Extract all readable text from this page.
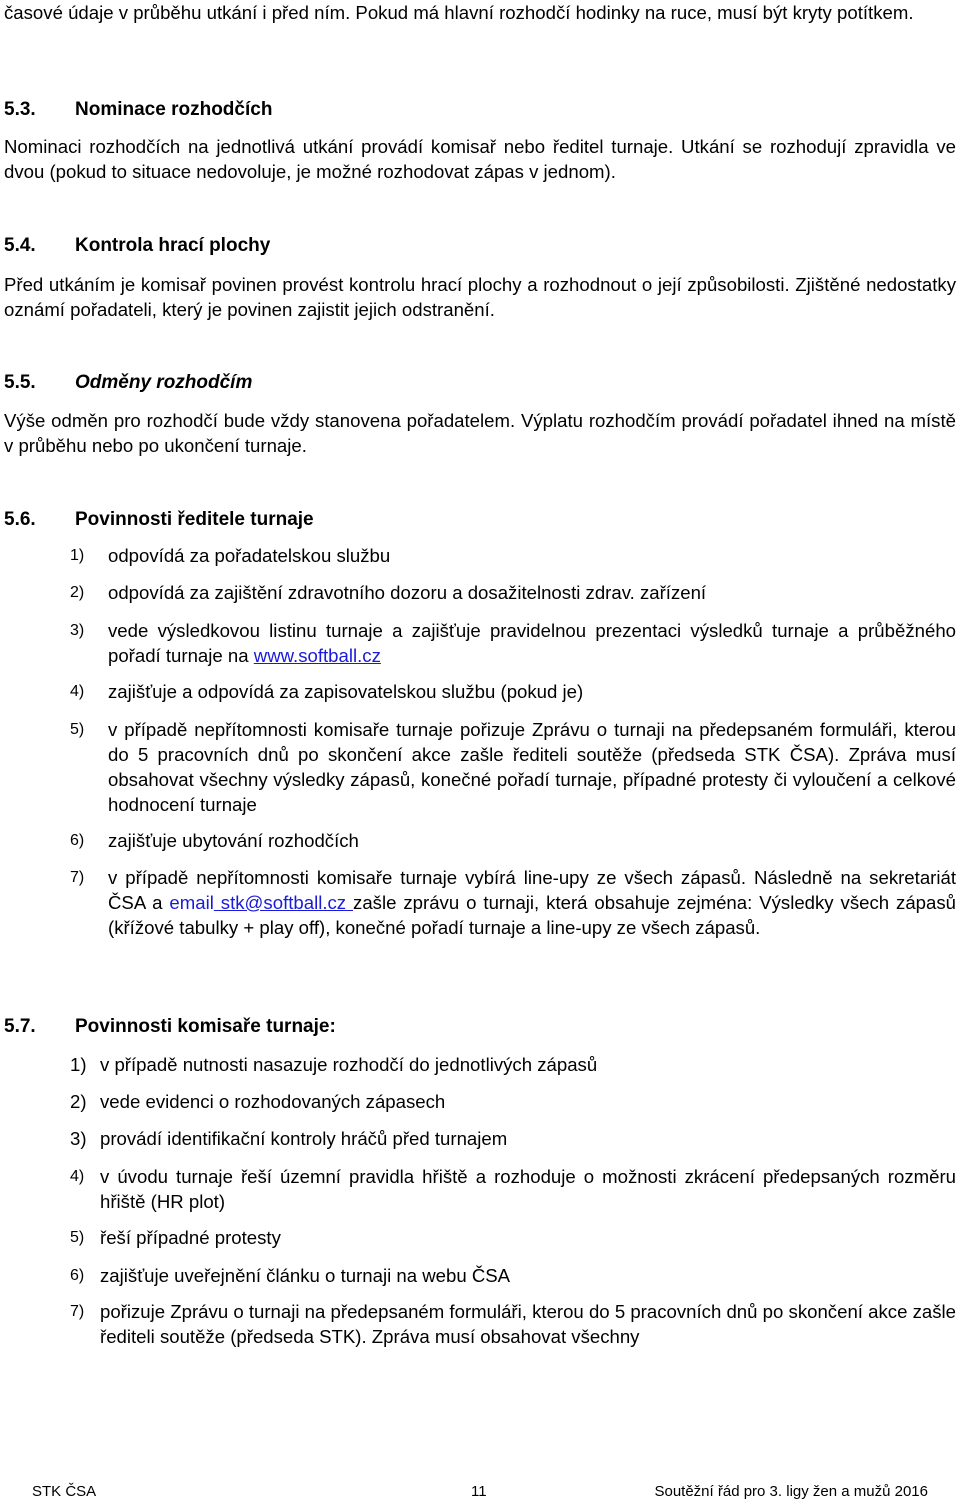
časové údaje v průběhu utkání i před ním. Pokud má hlavní rozhodčí hodinky na ruce, musí být kryty potítkem.

5.3. Nominace rozhodčích

Nominaci rozhodčích na jednotlivá utkání provádí komisař nebo ředitel turnaje. Utkání se rozhodují zpravidla ve dvou (pokud to situace nedovoluje, je možné rozhodovat zápas v jednom).

5.4. Kontrola hrací plochy

Před utkáním je komisař povinen provést kontrolu hrací plochy a rozhodnout o její způsobilosti. Zjištěné nedostatky oznámí pořadateli, který je povinen zajistit jejich odstranění.

5.5. Odměny rozhodčím

Výše odměn pro rozhodčí bude vždy stanovena pořadatelem. Výplatu rozhodčím provádí pořadatel ihned na místě v průběhu nebo po ukončení turnaje.

5.6. Povinnosti ředitele turnaje
1) odpovídá za pořadatelskou službu
2) odpovídá za zajištění zdravotního dozoru a dosažitelnosti zdrav. zařízení
3) vede výsledkovou listinu turnaje a zajišťuje pravidelnou prezentaci výsledků turnaje a průběžného pořadí turnaje na www.softball.cz
4) zajišťuje a odpovídá za zapisovatelskou službu (pokud je)
5) v případě nepřítomnosti komisaře turnaje pořizuje Zprávu o turnaji na předepsaném formuláři, kterou do 5 pracovních dnů po skončení akce zašle řediteli soutěže (předseda STK ČSA). Zpráva musí obsahovat všechny výsledky zápasů, konečné pořadí turnaje, případné protesty či vyloučení a celkové hodnocení turnaje
6) zajišťuje ubytování rozhodčích
7) v případě nepřítomnosti komisaře turnaje vybírá line-upy ze všech zápasů. Následně na sekretariát ČSA a email stk@softball.cz zašle zprávu o turnaji, která obsahuje zejména: Výsledky všech zápasů (křížové tabulky + play off), konečné pořadí turnaje a line-upy ze všech zápasů.
5.7. Povinnosti komisaře turnaje:
1) v případě nutnosti nasazuje rozhodčí do jednotlivých zápasů
2) vede evidenci o rozhodovaných zápasech
3) provádí identifikační kontroly hráčů před turnajem
4) v úvodu turnaje řeší územní pravidla hřiště a rozhoduje o možnosti zkrácení předepsaných rozměru hřiště (HR plot)
5) řeší případné protesty
6) zajišťuje uveřejnění článku o turnaji na webu ČSA
7) pořizuje Zprávu o turnaji na předepsaném formuláři, kterou do 5 pracovních dnů po skončení akce zašle řediteli soutěže (předseda STK). Zpráva musí obsahovat všechny
STK ČSA	11	Soutěžní řád pro 3. ligy žen a mužů 2016
